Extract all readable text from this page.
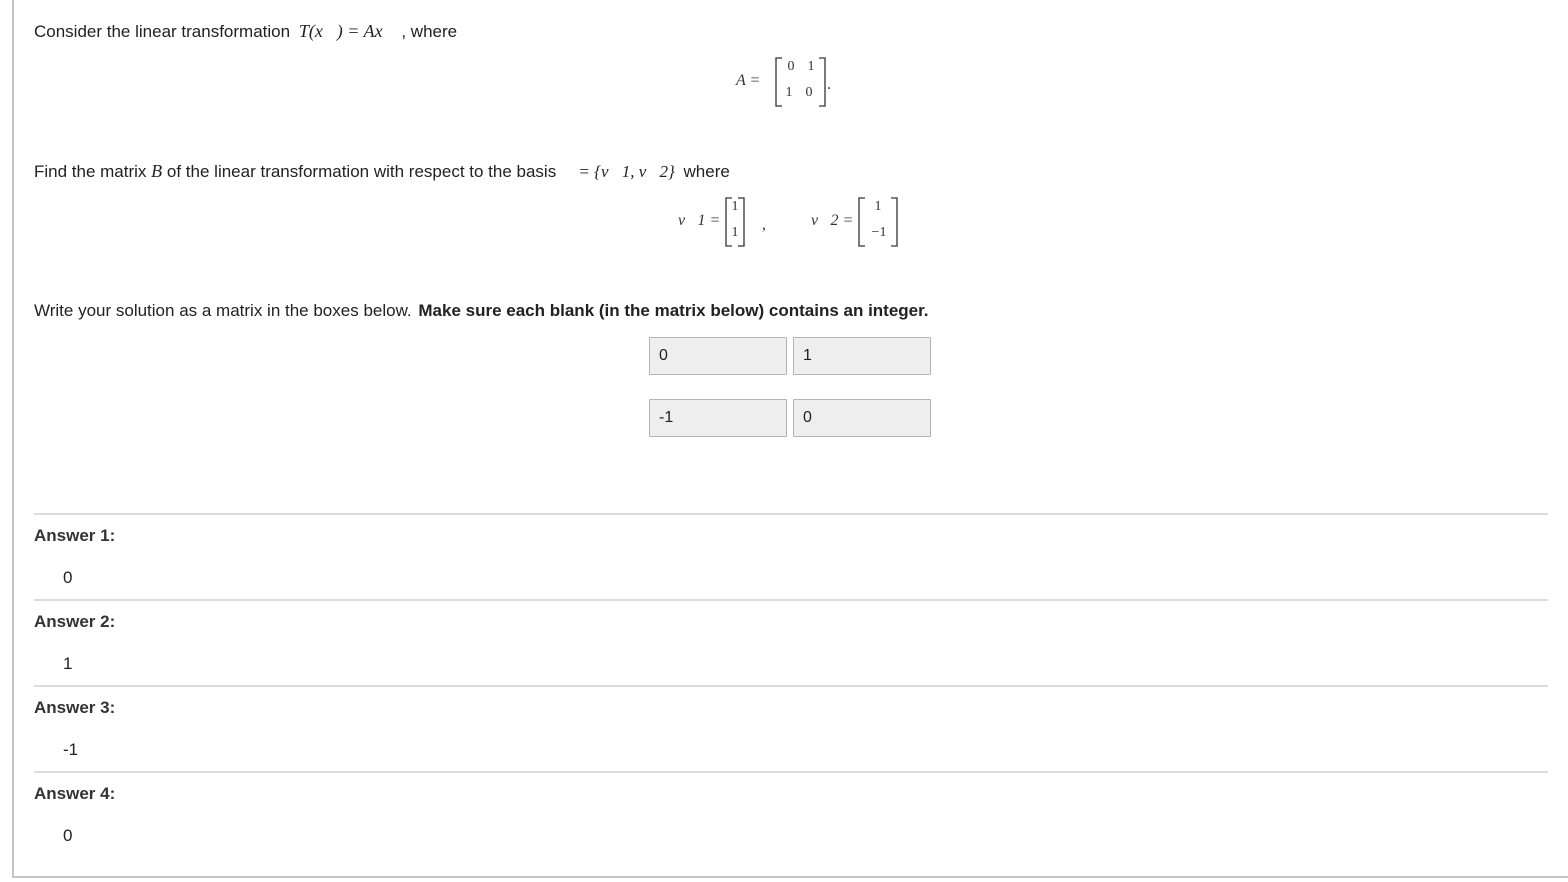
Consider the linear transformation T(x⃗) = Ax⃗ , where
A =
0 1
1 0 .
Find the matrix B of the linear transformation with respect to the basis 𝔅 = {v⃗1, v⃗2} where
v⃗1 =
1
1	,	v⃗2 =
1
−1
Write your solution as a matrix in the boxes below. Make sure each blank (in the matrix below) contains an integer.
0	1
-1	0
Answer 1:
0
Answer 2:
1
Answer 3:
-1
Answer 4:
0
